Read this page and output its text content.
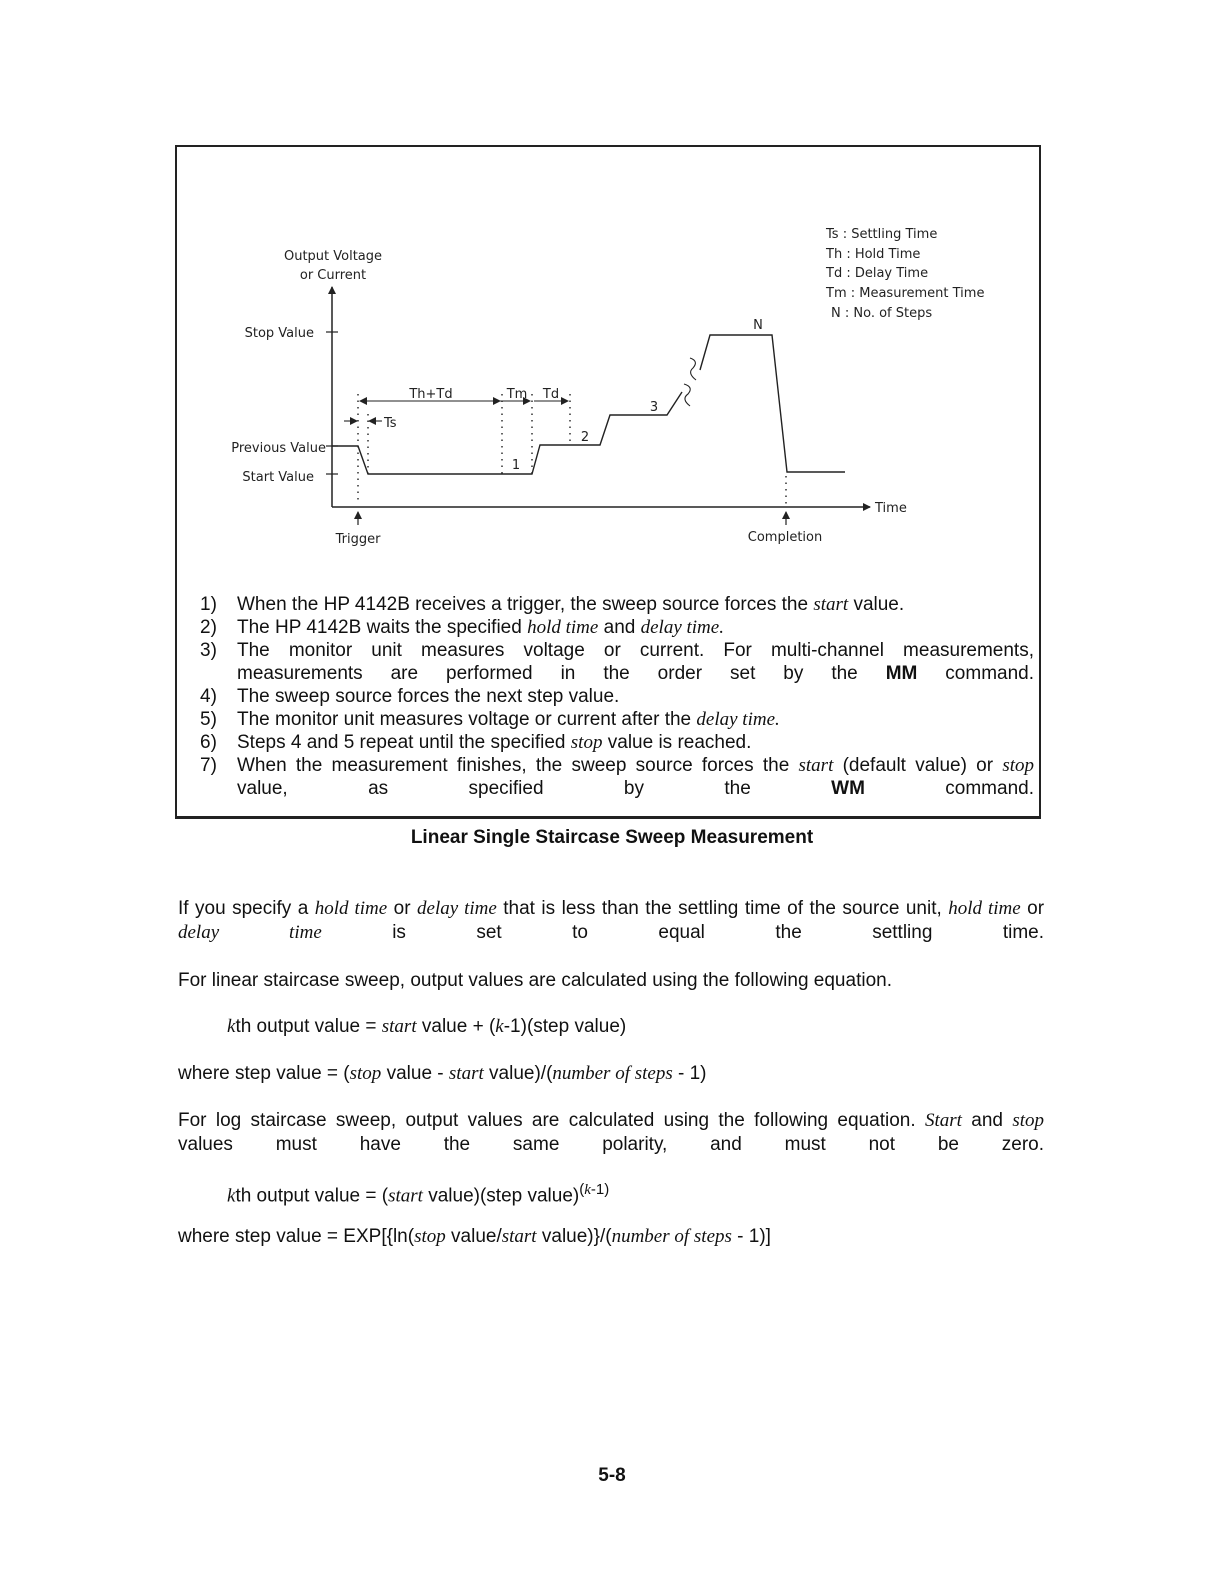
Output Voltage
or Current
Stop Value
Previous Value
Start Value
Trigger	Completion
Time
Th+Td	Tm Td
Ts
1
2
3
N
Ts : Settling Time
Th : Hold Time
Td : Delay Time
Tm : Measurement Time
N : No. of Steps
1) When the HP 4142B receives a trigger, the sweep source forces the start value.
2) The HP 4142B waits the specified hold time and delay time.
3) The monitor unit measures voltage or current. For multi-channel measurements, measurements are performed in the order set by the MM command.
4) The sweep source forces the next step value.
5) The monitor unit measures voltage or current after the delay time.
6) Steps 4 and 5 repeat until the specified stop value is reached.
7) When the measurement finishes, the sweep source forces the start (default value) or stop value, as specified by the WM command.
Linear Single Staircase Sweep Measurement

If you specify a hold time or delay time that is less than the settling time of the source unit, hold time or delay time is set to equal the settling time.

For linear staircase sweep, output values are calculated using the following equation.

kth output value = start value + (k-1)(step value)

where step value = (stop value - start value)/(number of steps - 1)

For log staircase sweep, output values are calculated using the following equation. Start and stop values must have the same polarity, and must not be zero.

kth output value = (start value)(step value)$^{(k-1)}$

where step value = EXP[{ln(stop value/start value)}/(number of steps - 1)]

5-8
